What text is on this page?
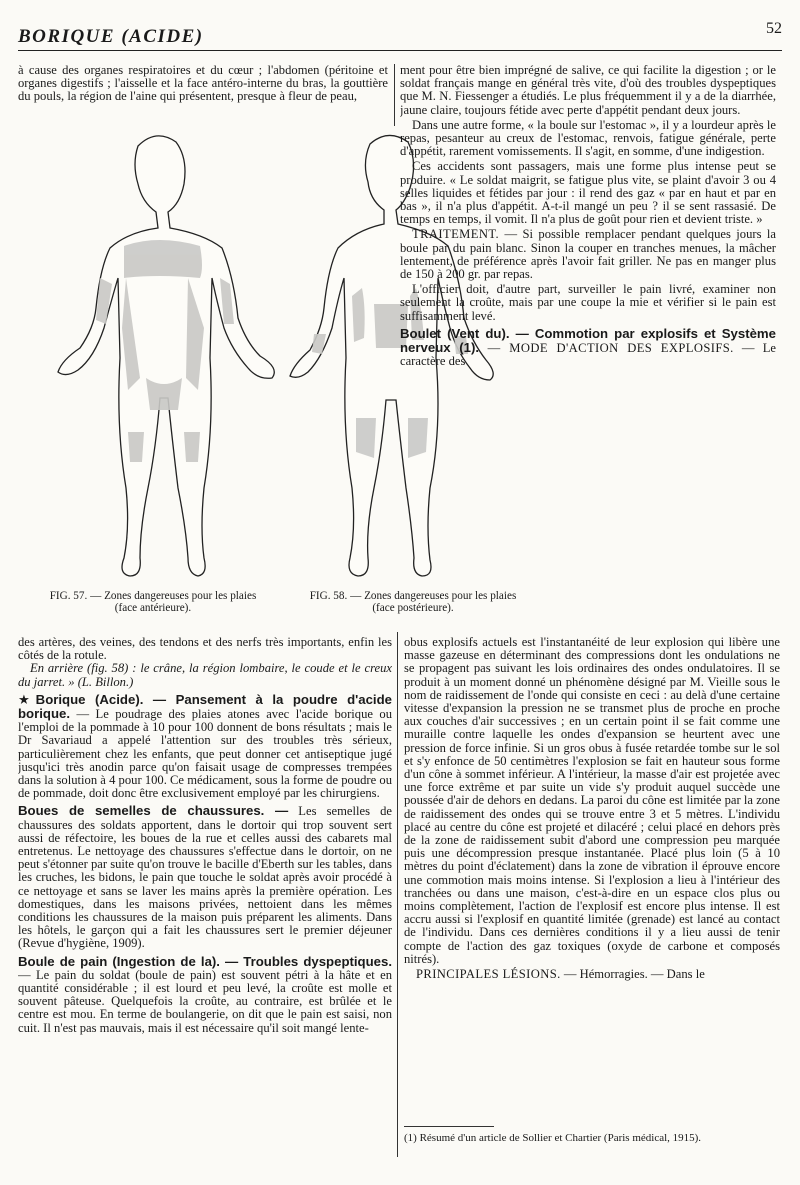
BORIQUE (ACIDE)	52
à cause des organes respiratoires et du cœur ; l'abdomen (péritoine et organes digestifs ; l'aisselle et la face antéro-interne du bras, la gouttière du pouls, la région de l'aine qui présentent, presque à fleur de peau,
FIG. 57. — Zones dangereuses pour les plaies (face antérieure).
FIG. 58. — Zones dangereuses pour les plaies (face postérieure).
ment pour être bien imprégné de salive, ce qui facilite la digestion ; or le soldat français mange en général très vite, d'où des troubles dyspeptiques que M. N. Fiessenger a étudiés. Le plus fréquemment il y a de la diarrhée, jaune claire, toujours fétide avec perte d'appétit pendant deux jours.
Dans une autre forme, « la boule sur l'estomac », il y a lourdeur après le repas, pesanteur au creux de l'estomac, renvois, fatigue générale, perte d'appétit, rarement vomissements. Il s'agit, en somme, d'une indigestion.
Ces accidents sont passagers, mais une forme plus intense peut se produire. « Le soldat maigrit, se fatigue plus vite, se plaint d'avoir 3 ou 4 selles liquides et fétides par jour : il rend des gaz « par en haut et par en bas », il n'a plus d'appétit. A-t-il mangé un peu ? il se sent rassasié. De temps en temps, il vomit. Il n'a plus de goût pour rien et devient triste. »
TRAITEMENT. — Si possible remplacer pendant quelques jours la boule par du pain blanc. Sinon la couper en tranches menues, la mâcher lentement, de préférence après l'avoir fait griller. Ne pas en manger plus de 150 à 200 gr. par repas.
L'officier doit, d'autre part, surveiller le pain livré, examiner non seulement la croûte, mais par une coupe la mie et vérifier si le pain est suffisamment levé.
Boulet (Vent du). — Commotion par explosifs et Système nerveux (1). — MODE D'ACTION DES EXPLOSIFS. — Le caractère des
des artères, des veines, des tendons et des nerfs très importants, enfin les côtés de la rotule.
En arrière (fig. 58) : le crâne, la région lombaire, le coude et le creux du jarret. » (L. Billon.)
★Borique (Acide). — Pansement à la poudre d'acide borique. — Le poudrage des plaies atones avec l'acide borique ou l'emploi de la pommade à 10 pour 100 donnent de bons résultats ; mais le Dr Savariaud a appelé l'attention sur des troubles très sérieux, particulièrement chez les enfants, que peut donner cet antiseptique jugé jusqu'ici très anodin parce qu'on faisait usage de compresses trempées dans la solution à 4 pour 100. Ce médicament, sous la forme de poudre ou de pommade, doit donc être exclusivement employé par les chirurgiens.
Boues de semelles de chaussures. — Les semelles de chaussures des soldats apportent, dans le dortoir qui trop souvent sert aussi de réfectoire, les boues de la rue et celles aussi des cabarets mal entretenus. Le nettoyage des chaussures s'effectue dans le dortoir, on ne peut s'étonner par suite qu'on trouve le bacille d'Eberth sur les tables, dans les cruches, les bidons, le pain que touche le soldat après avoir procédé à ce nettoyage et sans se laver les mains après la première opération. Les domestiques, dans les maisons privées, nettoient dans les mêmes conditions les chaussures de la maison puis préparent les aliments. Dans les hôtels, le garçon qui a fait les chaussures sert le premier déjeuner (Revue d'hygiène, 1909).
Boule de pain (Ingestion de la). — Troubles dyspeptiques. — Le pain du soldat (boule de pain) est souvent pétri à la hâte et en quantité considérable ; il est lourd et peu levé, la croûte est molle et souvent pâteuse. Quelquefois la croûte, au contraire, est brûlée et le centre est mou. En terme de boulangerie, on dit que le pain est saisi, non cuit. Il n'est pas mauvais, mais il est nécessaire qu'il soit mangé lente-
obus explosifs actuels est l'instantanéité de leur explosion qui libère une masse gazeuse en déterminant des compressions dont les ondulations ne se propagent pas suivant les lois ordinaires des ondes ondulatoires. Il se produit à un moment donné un phénomène désigné par M. Vieille sous le nom de raidissement de l'onde qui consiste en ceci : au delà d'une certaine vitesse d'expansion la pression ne se transmet plus de proche en proche aux couches d'air successives ; en un certain point il se fait comme une muraille contre laquelle les ondes d'expansion se heurtent avec une pression de force infinie. Si un gros obus à fusée retardée tombe sur le sol et s'y enfonce de 50 centimètres l'explosion se fait en hauteur sous forme d'un cône à sommet inférieur. A l'intérieur, la masse d'air est projetée avec une force extrême et par suite un vide s'y produit auquel succède une poussée d'air de dehors en dedans. La paroi du cône est limitée par la zone de raidissement des ondes qui se trouve entre 3 et 5 mètres. L'individu placé au centre du cône est projeté et dilacéré ; celui placé en dehors près de la zone de raidissement subit d'abord une compression peu marquée puis une décompression presque instantanée. Placé plus loin (5 à 10 mètres du point d'éclatement) dans la zone de vibration il éprouve encore une commotion mais moins intense. Si l'explosion a lieu à l'intérieur des tranchées ou dans une maison, c'est-à-dire en un espace clos plus ou moins complètement, l'action de l'explosif est encore plus intense. Il est accru aussi si l'explosif en quantité limitée (grenade) est lancé au contact de l'individu. Dans ces dernières conditions il y a lieu aussi de tenir compte de l'action des gaz toxiques (oxyde de carbone et composés nitrés).
PRINCIPALES LÉSIONS. — Hémorragies. — Dans le
(1) Résumé d'un article de Sollier et Chartier (Paris médical, 1915).
